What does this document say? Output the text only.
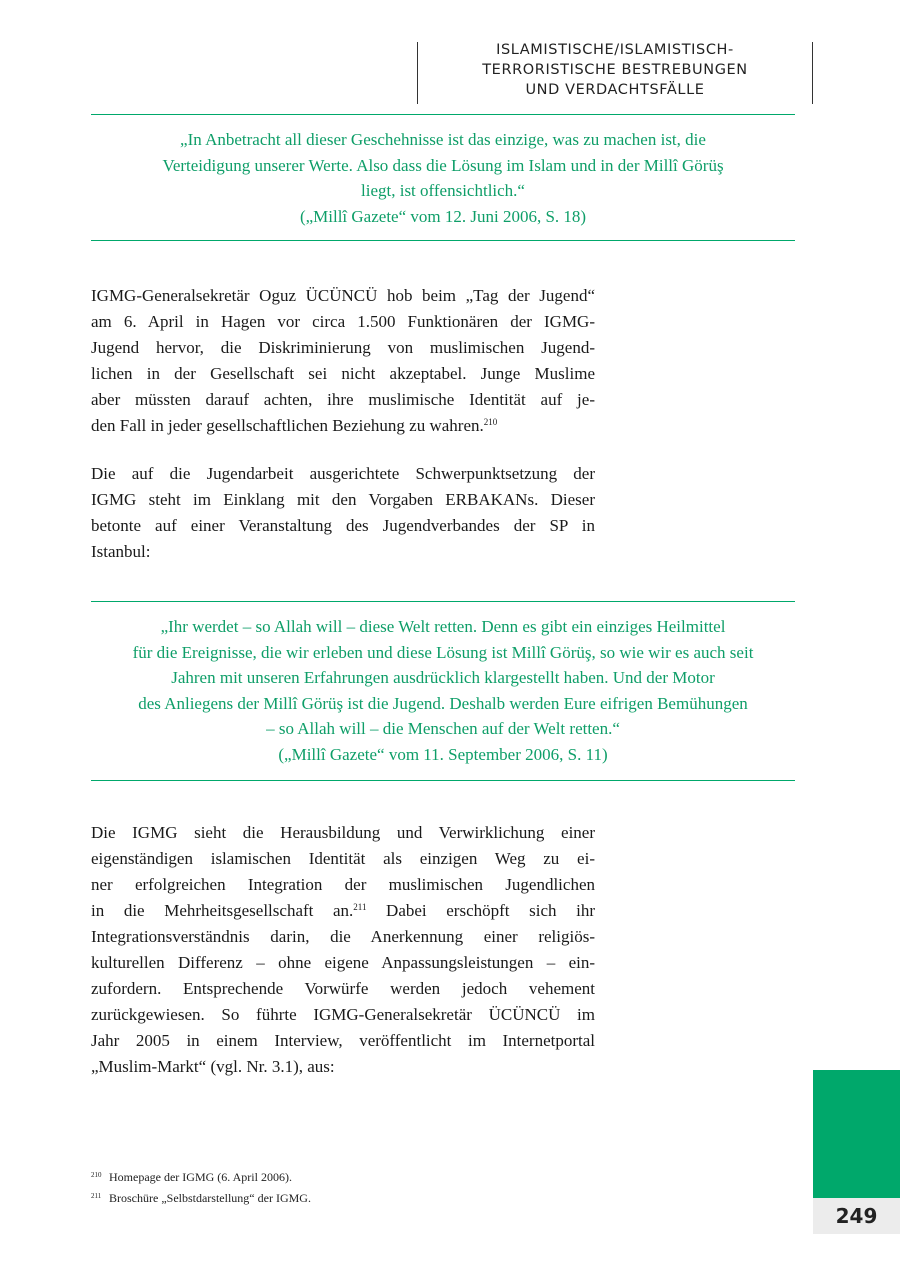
ISLAMISTISCHE/ISLAMISTISCH-
TERRORISTISCHE BESTREBUNGEN
UND VERDACHTSFÄLLE
„In Anbetracht all dieser Geschehnisse ist das einzige, was zu machen ist, die
Verteidigung unserer Werte. Also dass die Lösung im Islam und in der Millî Görüş
liegt, ist offensichtlich.“
(„Millî Gazete“ vom 12. Juni 2006, S. 18)
IGMG-Generalsekretär Oguz ÜCÜNCÜ hob beim „Tag der Jugend“
am 6. April in Hagen vor circa 1.500 Funktionären der IGMG-
Jugend hervor, die Diskriminierung von muslimischen Jugend-
lichen in der Gesellschaft sei nicht akzeptabel. Junge Muslime
aber müssten darauf achten, ihre muslimische Identität auf je-
den Fall in jeder gesellschaftlichen Beziehung zu wahren.$^{210}$
Die auf die Jugendarbeit ausgerichtete Schwerpunktsetzung der
IGMG steht im Einklang mit den Vorgaben ERBAKANs. Dieser
betonte auf einer Veranstaltung des Jugendverbandes der SP in
Istanbul:
„Ihr werdet – so Allah will – diese Welt retten. Denn es gibt ein einziges Heilmittel
für die Ereignisse, die wir erleben und diese Lösung ist Millî Görüş, so wie wir es auch seit
Jahren mit unseren Erfahrungen ausdrücklich klargestellt haben. Und der Motor
des Anliegens der Millî Görüş ist die Jugend. Deshalb werden Eure eifrigen Bemühungen
– so Allah will – die Menschen auf der Welt retten.“
(„Millî Gazete“ vom 11. September 2006, S. 11)
Die IGMG sieht die Herausbildung und Verwirklichung einer
eigenständigen islamischen Identität als einzigen Weg zu ei-
ner erfolgreichen Integration der muslimischen Jugendlichen
in die Mehrheitsgesellschaft an.$^{211}$ Dabei erschöpft sich ihr
Integrationsverständnis darin, die Anerkennung einer religiös-
kulturellen Differenz – ohne eigene Anpassungsleistungen – ein-
zufordern. Entsprechende Vorwürfe werden jedoch vehement
zurückgewiesen. So führte IGMG-Generalsekretär ÜCÜNCÜ im
Jahr 2005 in einem Interview, veröffentlicht im Internetportal
„Muslim-Markt“ (vgl. Nr. 3.1), aus:
210 Homepage der IGMG (6. April 2006).
211 Broschüre „Selbstdarstellung“ der IGMG.
249
